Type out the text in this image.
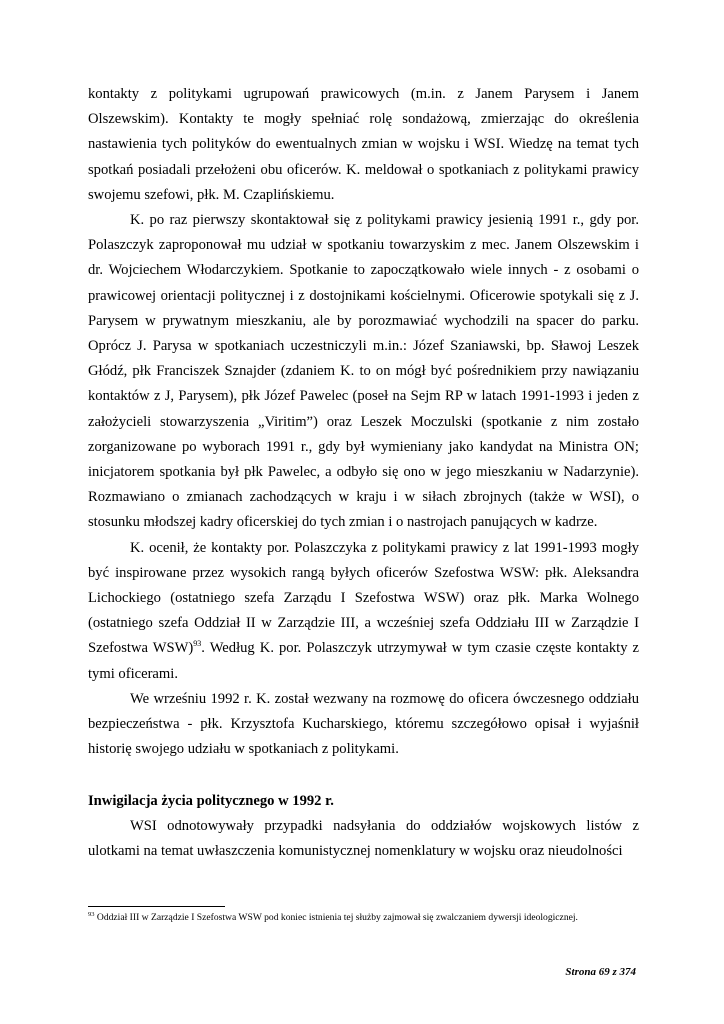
kontakty z politykami ugrupowań prawicowych (m.in. z Janem Parysem i Janem Olszewskim). Kontakty te mogły spełniać rolę sondażową, zmierzając do określenia nastawienia tych polityków do ewentualnych zmian w wojsku i WSI. Wiedzę na temat tych spotkań posiadali przełożeni obu oficerów. K. meldował o spotkaniach z politykami prawicy swojemu szefowi, płk. M. Czaplińskiemu.

K. po raz pierwszy skontaktował się z politykami prawicy jesienią 1991 r., gdy por. Polaszczyk zaproponował mu udział w spotkaniu towarzyskim z mec. Janem Olszewskim i dr. Wojciechem Włodarczykiem. Spotkanie to zapoczątkowało wiele innych - z osobami o prawicowej orientacji politycznej i z dostojnikami kościelnymi. Oficerowie spotykali się z J. Parysem w prywatnym mieszkaniu, ale by porozmawiać wychodzili na spacer do parku. Oprócz J. Parysa w spotkaniach uczestniczyli m.in.: Józef Szaniawski, bp. Sławoj Leszek Głódź, płk Franciszek Sznajder (zdaniem K. to on mógł być pośrednikiem przy nawiązaniu kontaktów z J, Parysem), płk Józef Pawelec (poseł na Sejm RP w latach 1991-1993 i jeden z założycieli stowarzyszenia „Viritim”) oraz Leszek Moczulski (spotkanie z nim zostało zorganizowane po wyborach 1991 r., gdy był wymieniany jako kandydat na Ministra ON; inicjatorem spotkania był płk Pawelec, a odbyło się ono w jego mieszkaniu w Nadarzynie). Rozmawiano o zmianach zachodzących w kraju i w siłach zbrojnych (także w WSI), o stosunku młodszej kadry oficerskiej do tych zmian i o nastrojach panujących w kadrze.

K. ocenił, że kontakty por. Polaszczyka z politykami prawicy z lat 1991-1993 mogły być inspirowane przez wysokich rangą byłych oficerów Szefostwa WSW: płk. Aleksandra Lichockiego (ostatniego szefa Zarządu I Szefostwa WSW) oraz płk. Marka Wolnego (ostatniego szefa Oddział II w Zarządzie III, a wcześniej szefa Oddziału III w Zarządzie I Szefostwa WSW)$^{93}$. Według K. por. Polaszczyk utrzymywał w tym czasie częste kontakty z tymi oficerami.

We wrześniu 1992 r. K. został wezwany na rozmowę do oficera ówczesnego oddziału bezpieczeństwa - płk. Krzysztofa Kucharskiego, któremu szczegółowo opisał i wyjaśnił historię swojego udziału w spotkaniach z politykami.

Inwigilacja życia politycznego w 1992 r.

WSI odnotowywały przypadki nadsyłania do oddziałów wojskowych listów z ulotkami na temat uwłaszczenia komunistycznej nomenklatury w wojsku oraz nieudolności

$^{93}$ Oddział III w Zarządzie I Szefostwa WSW pod koniec istnienia tej służby zajmował się zwalczaniem dywersji ideologicznej.
Strona 69 z 374
